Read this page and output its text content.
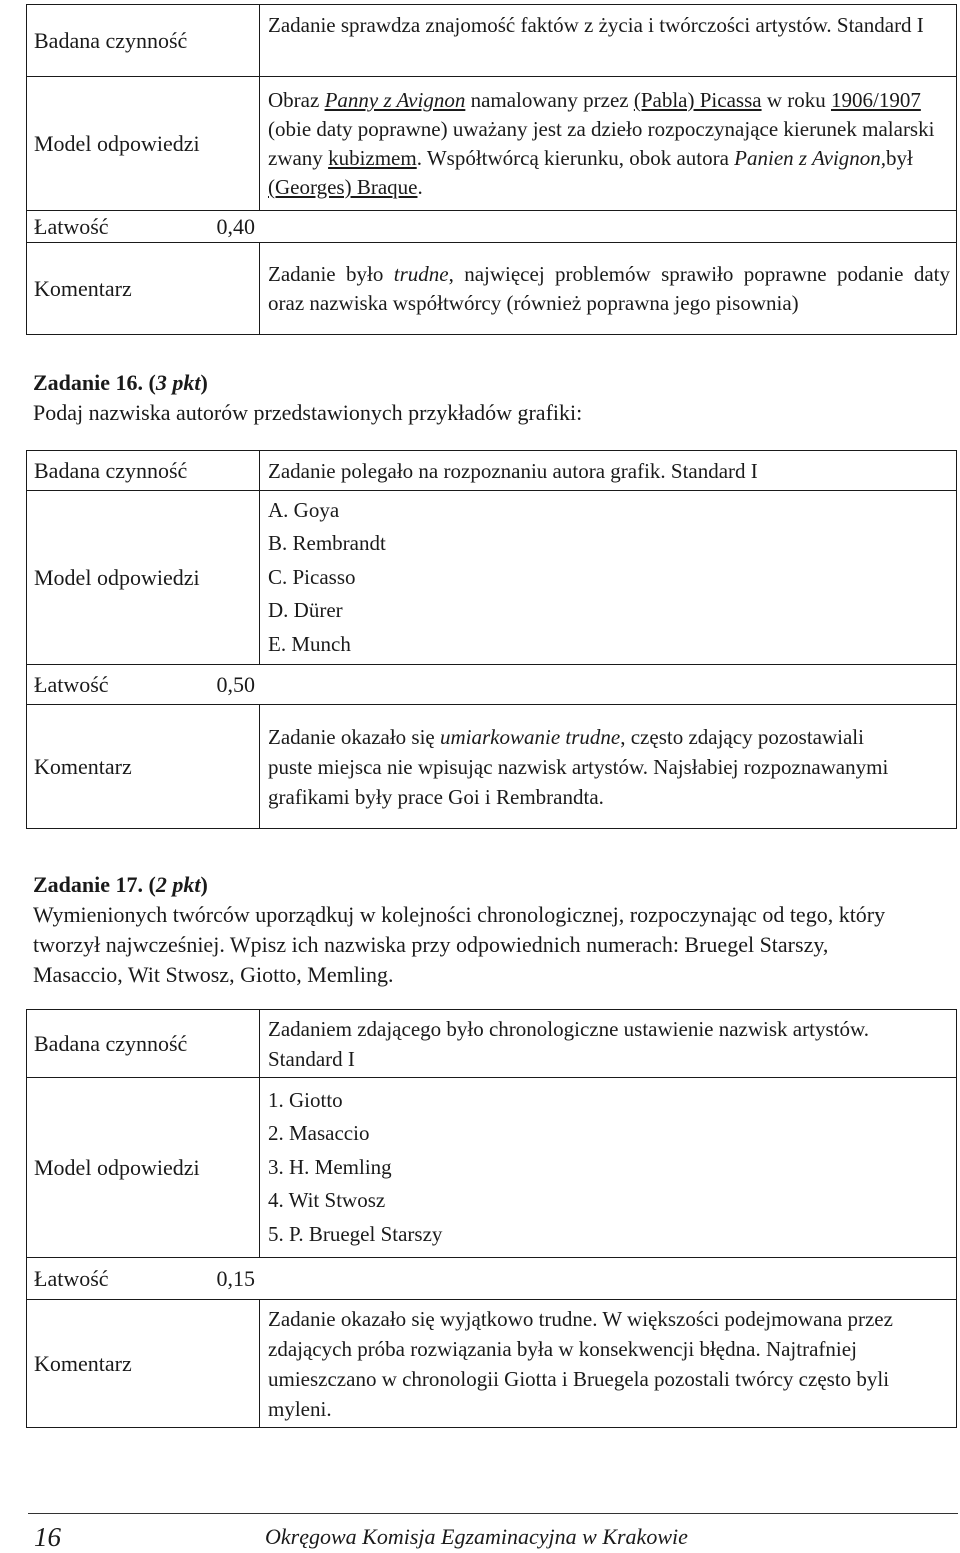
Badana czynność	Zadanie sprawdza znajomość faktów z życia i twórczości artystów. Standard I
Model odpowiedzi	Obraz Panny z Avignon namalowany przez (Pabla) Picassa w roku 1906/1907 (obie daty poprawne) uważany jest za dzieło rozpoczynające kierunek malarski zwany kubizmem. Współtwórcą kierunku, obok autora Panien z Avignon,był (Georges) Braque.
Łatwość 0,40	
Komentarz	Zadanie było trudne, najwięcej problemów sprawiło poprawne podanie daty oraz nazwiska współtwórcy (również poprawna jego pisownia)
Zadanie 16. (3 pkt)
Podaj nazwiska autorów przedstawionych przykładów grafiki:
Badana czynność	Zadanie polegało na rozpoznaniu autora grafik. Standard I
Model odpowiedzi	A. Goya
B. Rembrandt
C. Picasso
D. Dürer
E. Munch

Łatwość 0,50	
Komentarz	Zadanie okazało się umiarkowanie trudne, często zdający pozostawiali puste miejsca nie wpisując nazwisk artystów. Najsłabiej rozpoznawanymi grafikami były prace Goi i Rembrandta.
Zadanie 17. (2 pkt)
Wymienionych twórców uporządkuj w kolejności chronologicznej, rozpoczynając od tego, który tworzył najwcześniej. Wpisz ich nazwiska przy odpowiednich numerach: Bruegel Starszy, Masaccio, Wit Stwosz, Giotto, Memling.
Badana czynność	Zadaniem zdającego było chronologiczne ustawienie nazwisk artystów. Standard I
Model odpowiedzi	1. Giotto
2. Masaccio
3. H. Memling
4. Wit Stwosz
5. P. Bruegel Starszy

Łatwość 0,15	
Komentarz	Zadanie okazało się wyjątkowo trudne. W większości podejmowana przez zdających próba rozwiązania była w konsekwencji błędna. Najtrafniej umieszczano w chronologii Giotta i Bruegela pozostali twórcy często byli myleni.
16	Okręgowa Komisja Egzaminacyjna w Krakowie
